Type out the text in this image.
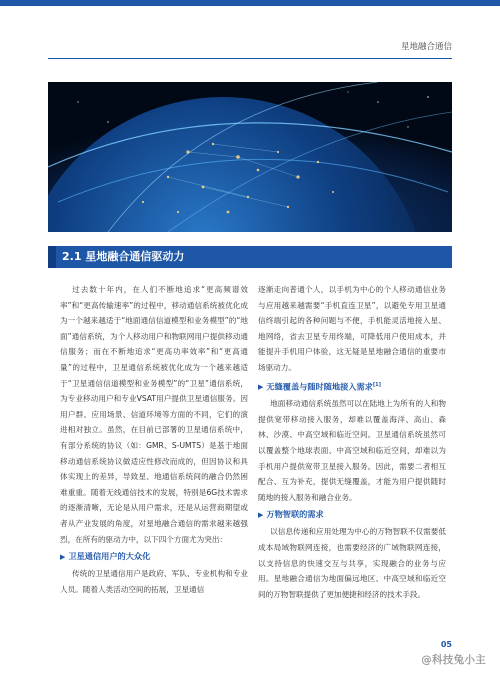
星地融合通信
2.1 星地融合通信驱动力

过去数十年内，在人们不断地追求“更高频谱效率”和“更高传输速率”的过程中，移动通信系统被优化成为一个越来越适于“地面通信信道模型和业务模型”的“地面”通信系统，为个人移动用户和物联网用户提供移动通信服务；而在不断地追求“更高功率效率”和“更高通量”的过程中，卫星通信系统被优化成为一个越来越适于“卫星通信信道模型和业务模型”的“卫星”通信系统，为专业移动用户和专业VSAT用户提供卫星通信服务。因用户群、应用场景、信道环境等方面的不同，它们的演进相对独立。虽然，在目前已部署的卫星通信系统中，有部分系统的协议（如：GMR、S-UMTS）是基于地面移动通信系统协议做适应性修改而成的，但因协议和具体实现上的差异，导致星、地通信系统间的融合仍然困难重重。随着无线通信技术的发展，特别是6G技术需求的逐渐清晰，无论是从用户需求，还是从运营商期望或者从产业发展的角度，对星地融合通信的需求越来越强烈，在所有的驱动力中，以下四个方面尤为突出：

▶ 卫星通信用户的大众化

传统的卫星通信用户是政府、军队、专业机构和专业人员。随着人类活动空间的拓展，卫星通信

逐渐走向普通个人，以手机为中心的个人移动通信业务与应用越来越需要“手机直连卫星”，以避免专用卫星通信终端引起的各种问题与不便，手机能灵活地接入星、地网络，省去卫星专用终端，可降低用户使用成本，并能提升手机用户体验，这无疑是星地融合通信的重要市场驱动力。

▶ 无缝覆盖与随时随地接入需求[1]

地面移动通信系统虽然可以在陆地上为所有的人和物提供宽带移动接入服务，却难以覆盖海洋、高山、森林、沙漠、中高空域和临近空间。卫星通信系统虽然可以覆盖整个地球表面、中高空域和临近空间，却难以为手机用户提供宽带卫星接入服务。因此，需要二者相互配合、互为补充，提供无缝覆盖，才能为用户提供随时随地的接入服务和融合业务。

▶ 万物智联的需求

以信息传递和应用处理为中心的万物智联不仅需要低成本局域物联网连接，也需要经济的广域物联网连接，以支持信息的快速交互与共享，实现融合的业务与应用。星地融合通信为地面偏远地区、中高空域和临近空间的万物智联提供了更加便捷和经济的技术手段。

05
@科技兔小主
